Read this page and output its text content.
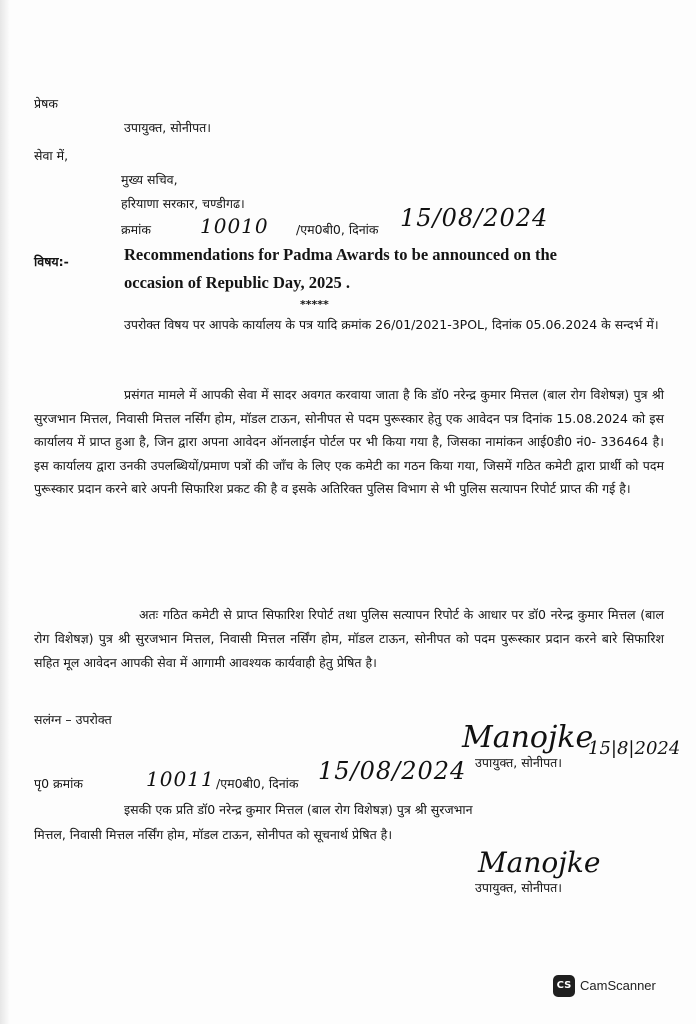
प्रेषक
उपायुक्त, सोनीपत।
सेवा में,
मुख्य सचिव,
हरियाणा सरकार, चण्डीगढ।
क्रमांक 10010 /एम0बी0, दिनांक 15/08/2024
विषय:-	Recommendations for Padma Awards to be announced on the
occasion of Republic Day, 2025 .
*****
उपरोक्त विषय पर आपके कार्यालय के पत्र यादि क्रमांक 26/01/2021-3POL, दिनांक 05.06.2024 के सन्दर्भ में।
प्रसंगत मामले में आपकी सेवा में सादर अवगत करवाया जाता है कि डॉ0 नरेन्द्र कुमार मित्तल (बाल रोग विशेषज्ञ) पुत्र श्री सुरजभान मित्तल, निवासी मित्तल नर्सिंग होम, मॉडल टाऊन, सोनीपत से पदम पुरूस्कार हेतु एक आवेदन पत्र दिनांक 15.08.2024 को इस कार्यालय में प्राप्त हुआ है, जिन द्वारा अपना आवेदन ऑनलाईन पोर्टल पर भी किया गया है, जिसका नामांकन आई0डी0 नं0- 336464 है। इस कार्यालय द्वारा उनकी उपलब्धियों/प्रमाण पत्रों की जाँच के लिए एक कमेटी का गठन किया गया, जिसमें गठित कमेटी द्वारा प्रार्थी को पदम पुरूस्कार प्रदान करने बारे अपनी सिफारिश प्रकट की है व इसके अतिरिक्त पुलिस विभाग से भी पुलिस सत्यापन रिपोर्ट प्राप्त की गई है।
अतः गठित कमेटी से प्राप्त सिफारिश रिपोर्ट तथा पुलिस सत्यापन रिपोर्ट के आधार पर डॉ0 नरेन्द्र कुमार मित्तल (बाल रोग विशेषज्ञ) पुत्र श्री सुरजभान मित्तल, निवासी मित्तल नर्सिंग होम, मॉडल टाऊन, सोनीपत को पदम पुरूस्कार प्रदान करने बारे सिफारिश सहित मूल आवेदन आपकी सेवा में आगामी आवश्यक कार्यवाही हेतु प्रेषित है।
सलंग्न – उपरोक्त
Manojke
15|8|2024
उपायुक्त, सोनीपत।
पृ0 क्रमांक	10011 /एम0बी0, दिनांक 15/08/2024
इसकी एक प्रति डॉ0 नरेन्द्र कुमार मित्तल (बाल रोग विशेषज्ञ) पुत्र श्री सुरजभान
मित्तल, निवासी मित्तल नर्सिंग होम, मॉडल टाऊन, सोनीपत को सूचनार्थ प्रेषित है।
Manojke
उपायुक्त, सोनीपत।
CS CamScanner
